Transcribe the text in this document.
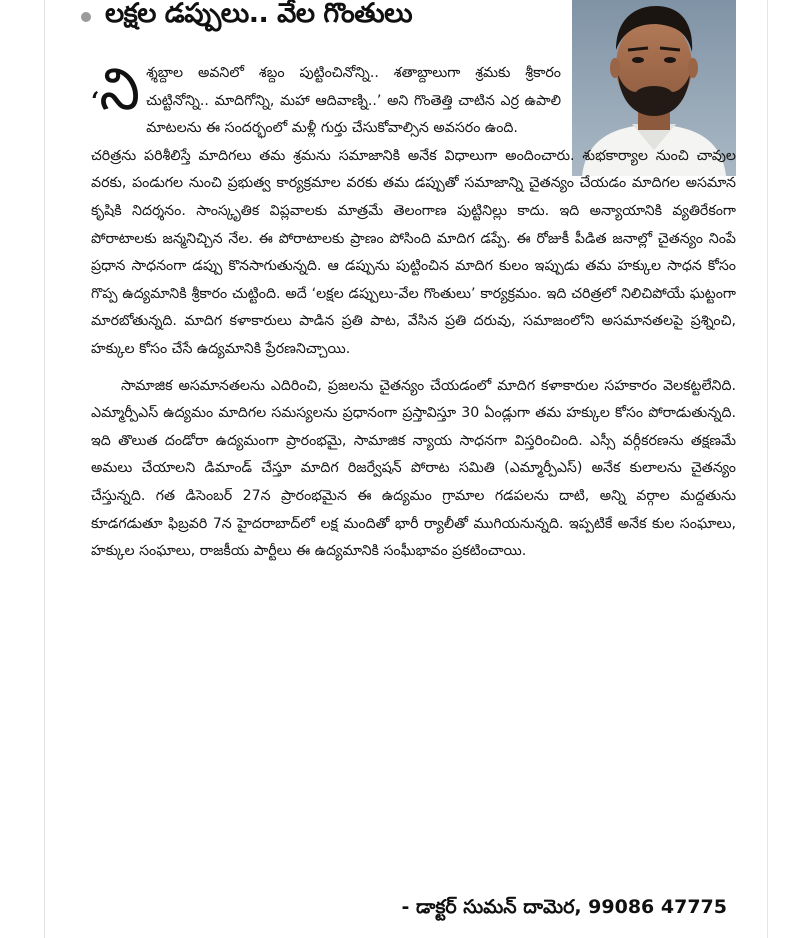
లక్షల డప్పులు.. వేల గొంతులు

‘ని శ్శబ్దాల అవనిలో శబ్దం పుట్టించినోన్ని.. శతాబ్దాలుగా శ్రమకు శ్రీకారం చుట్టినోన్ని.. మాదిగోన్ని, మహా ఆదివాణ్ని..’ అని గొంతెత్తి చాటిన ఎర్ర ఉపాలి మాటలను ఈ సందర్భంలో మళ్లీ గుర్తు చేసుకోవాల్సిన అవసరం ఉంది.

చరిత్రను పరిశీలిస్తే మాదిగలు తమ శ్రమను సమాజానికి అనేక విధాలుగా అందించారు. శుభకార్యాల నుంచి చావుల వరకు, పండుగల నుంచి ప్రభుత్వ కార్యక్రమాల వరకు తమ డప్పుతో సమాజాన్ని చైతన్యం చేయడం మాదిగల అసమాన కృషికి నిదర్శనం. సాంస్కృతిక విప్లవాలకు మాత్రమే తెలంగాణ పుట్టినిల్లు కాదు. ఇది అన్యాయానికి వ్యతిరేకంగా పోరాటాలకు జన్మనిచ్చిన నేల. ఈ పోరాటాలకు ప్రాణం పోసింది మాదిగ డప్పే. ఈ రోజుకీ పీడిత జనాల్లో చైతన్యం నింపే ప్రధాన సాధనంగా డప్పు కొనసాగుతున్నది. ఆ డప్పును పుట్టించిన మాదిగ కులం ఇప్పుడు తమ హక్కుల సాధన కోసం గొప్ప ఉద్యమానికి శ్రీకారం చుట్టింది. అదే ‘లక్షల డప్పులు-వేల గొంతులు’ కార్యక్రమం. ఇది చరిత్రలో నిలిచిపోయే ఘట్టంగా మారబోతున్నది. మాదిగ కళాకారులు పాడిన ప్రతి పాట, వేసిన ప్రతి దరువు, సమాజంలోని అసమానతలపై ప్రశ్నించి, హక్కుల కోసం చేసే ఉద్యమానికి ప్రేరణనిచ్చాయి.

సామాజిక అసమానతలను ఎదిరించి, ప్రజలను చైతన్యం చేయడంలో మాదిగ కళాకారుల సహకారం వెలకట్టలేనిది. ఎమ్మార్పీఎస్ ఉద్యమం మాదిగల సమస్యలను ప్రధానంగా ప్రస్తావిస్తూ 30 ఏండ్లుగా తమ హక్కుల కోసం పోరాడుతున్నది. ఇది తొలుత దండోరా ఉద్యమంగా ప్రారంభమై, సామాజిక న్యాయ సాధనగా విస్తరించింది. ఎస్సీ వర్గీకరణను తక్షణమే అమలు చేయాలని డిమాండ్ చేస్తూ మాదిగ రిజర్వేషన్ పోరాట సమితి (ఎమ్మార్పీఎస్) అనేక కులాలను చైతన్యం చేస్తున్నది. గత డిసెంబర్ 27న ప్రారంభమైన ఈ ఉద్యమం గ్రామాల గడపలను దాటి, అన్ని వర్గాల మద్దతును కూడగడుతూ ఫిబ్రవరి 7న హైదరాబాద్‌లో లక్ష మందితో భారీ ర్యాలీతో ముగియనున్నది. ఇప్పటికే అనేక కుల సంఘాలు, హక్కుల సంఘాలు, రాజకీయ పార్టీలు ఈ ఉద్యమానికి సంఘీభావం ప్రకటించాయి.

- డాక్టర్ సుమన్ దామెర, 99086 47775
